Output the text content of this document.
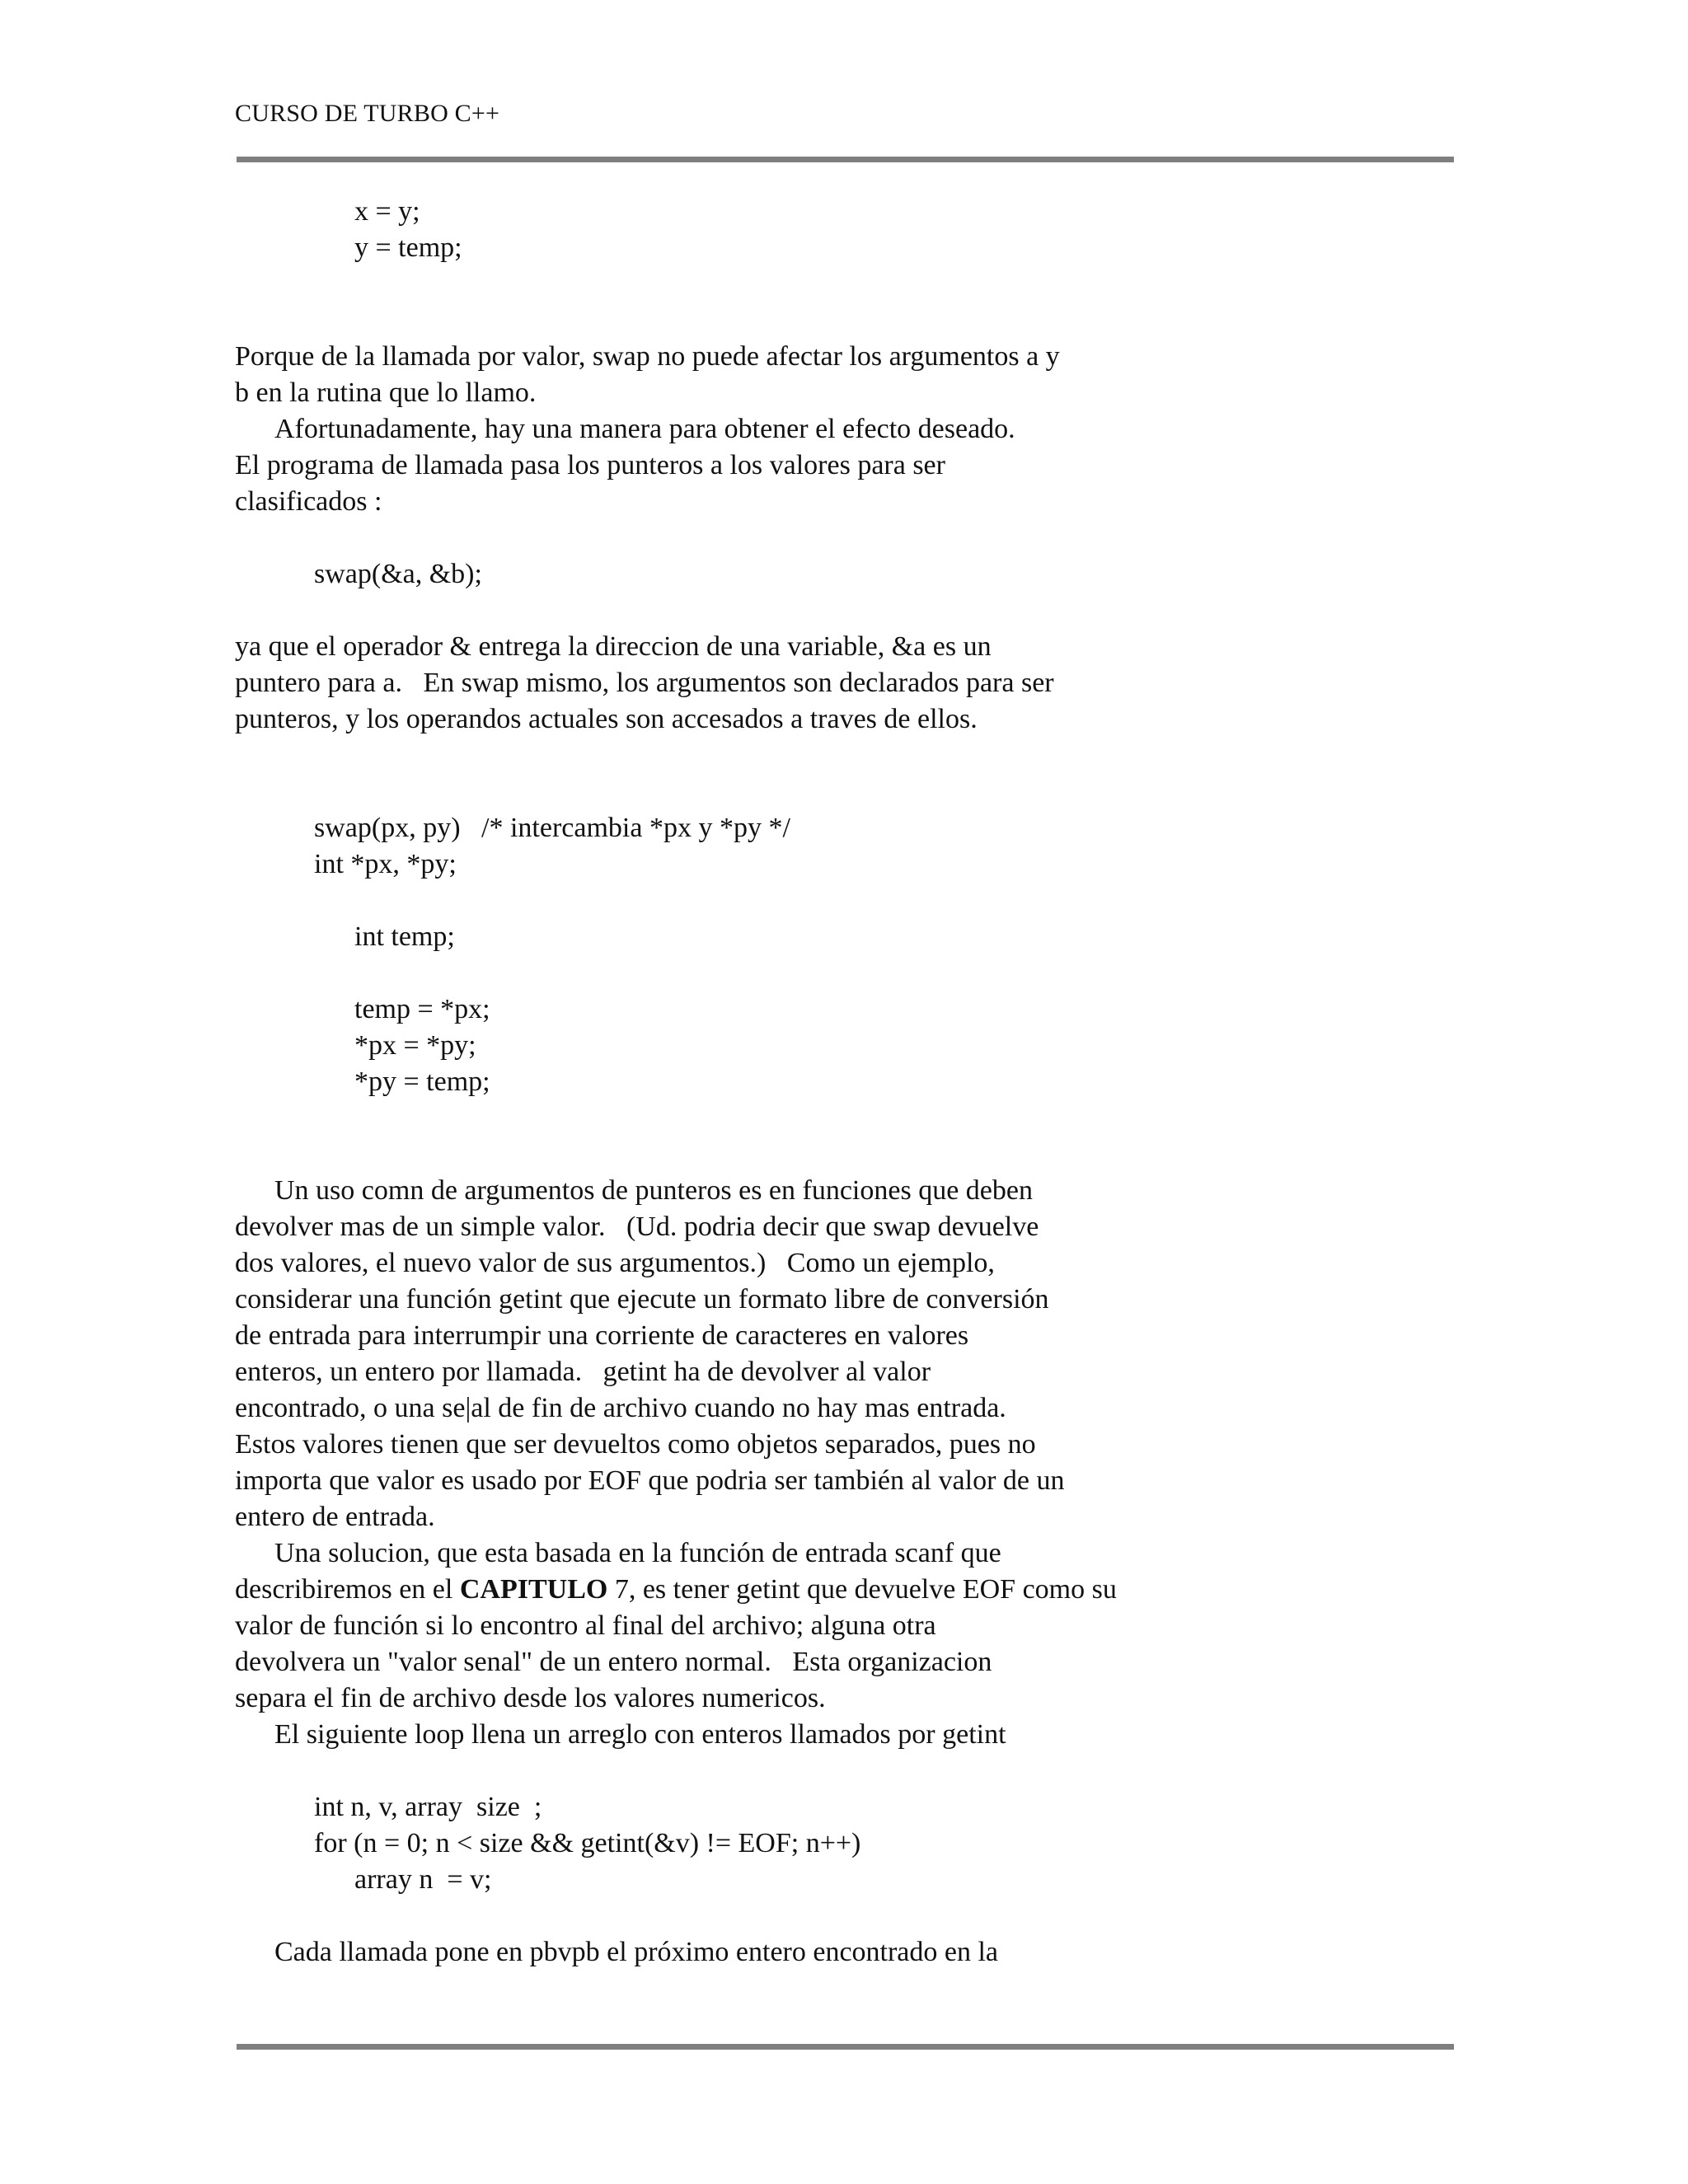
CURSO DE TURBO C++
x = y;
y = temp;
Porque de la llamada por valor, swap no puede afectar los argumentos a y
b en la rutina que lo llamo.
Afortunadamente, hay una manera para obtener el efecto deseado.
El programa de llamada pasa los punteros a los valores para ser
clasificados :
swap(&a, &b);
ya que el operador & entrega la direccion de una variable, &a es un
puntero para a.   En swap mismo, los argumentos son declarados para ser
punteros, y los operandos actuales son accesados a traves de ellos.
swap(px, py)   /* intercambia *px y *py */
int *px, *py;
int temp;
temp = *px;
*px = *py;
*py = temp;
Un uso comn de argumentos de punteros es en funciones que deben
devolver mas de un simple valor.   (Ud. podria decir que swap devuelve
dos valores, el nuevo valor de sus argumentos.)   Como un ejemplo,
considerar una función getint que ejecute un formato libre de conversión
de entrada para interrumpir una corriente de caracteres en valores
enteros, un entero por llamada.   getint ha de devolver al valor
encontrado, o una se|al de fin de archivo cuando no hay mas entrada.
Estos valores tienen que ser devueltos como objetos separados, pues no
importa que valor es usado por EOF que podria ser también al valor de un
entero de entrada.
Una solucion, que esta basada en la función de entrada scanf que
describiremos en el CAPITULO 7, es tener getint que devuelve EOF como su
valor de función si lo encontro al final del archivo; alguna otra
devolvera un "valor senal" de un entero normal.   Esta organizacion
separa el fin de archivo desde los valores numericos.
El siguiente loop llena un arreglo con enteros llamados por getint
int n, v, array  size  ;
for (n = 0; n < size && getint(&v) != EOF; n++)
array n  = v;
Cada llamada pone en pbvpb el próximo entero encontrado en la
